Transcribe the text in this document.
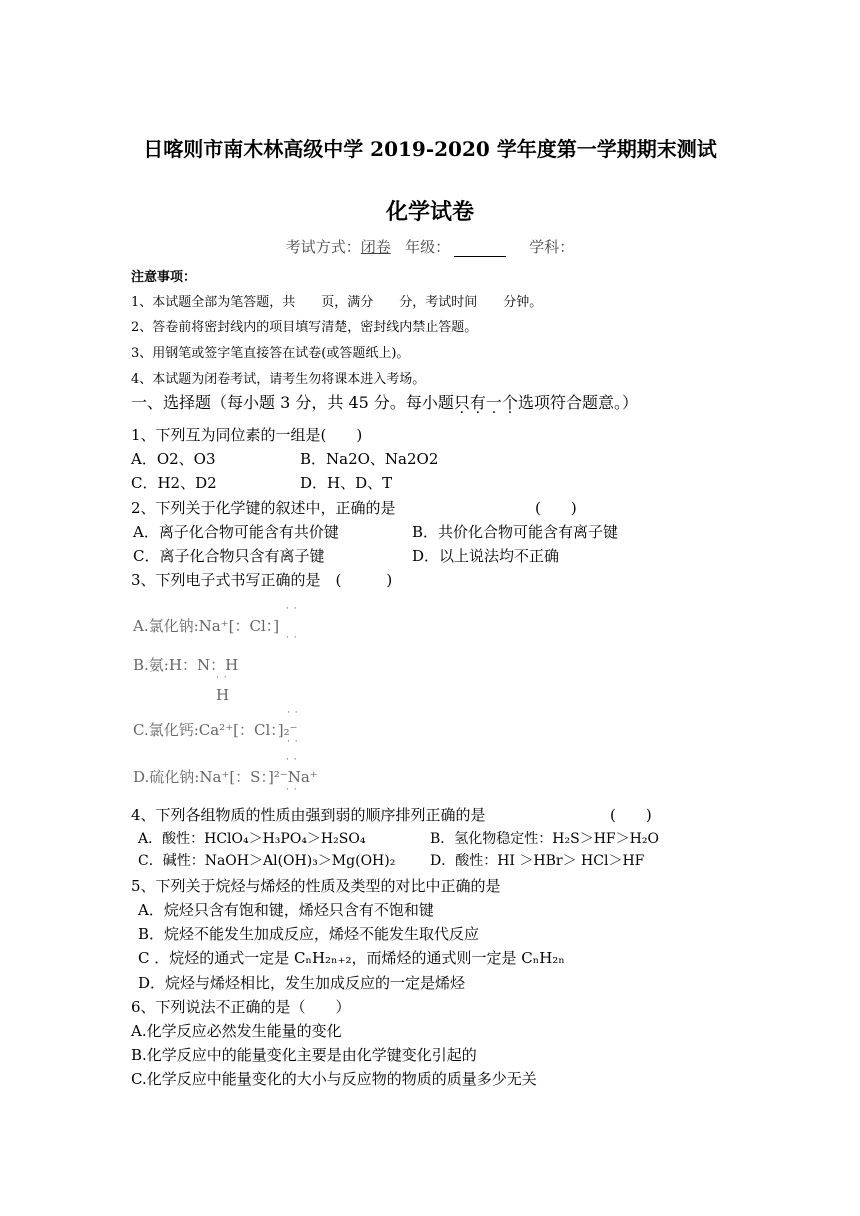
日喀则市南木林高级中学 2019-2020 学年度第一学期期末测试
化学试卷
考试方式：闭卷 年级：	学科：
注意事项：
1、本试题全部为笔答题，共　　页，满分　　分，考试时间　　分钟。
2、答卷前将密封线内的项目填写清楚，密封线内禁止答题。
3、用钢笔或签字笔直接答在试卷(或答题纸上)。
4、本试题为闭卷考试，请考生勿将课本进入考场。
一、选择题（每小题 3 分，共 45 分。每小题只有一个选项符合题意。）
1、下列互为同位素的一组是(　　)
A．O2、O3	B．Na2O、Na2O2
C．H2、D2	D．H、D、T
2、下列关于化学键的叙述中，正确的是	(　　)
A．离子化合物可能含有共价键	B．共价化合物可能含有离子键
C．离子化合物只含有离子键	D．以上说法均不正确
3、下列电子式书写正确的是　(　　　)
· ·
A.氯化钠:Na⁺[：Cl：]
· ·
B.氨:H：N：H
· ·
H
· ·
C.氯化钙:Ca²⁺[：Cl：]₂⁻
· ·
· ·
D.硫化钠:Na⁺[：S：]²⁻Na⁺
· ·
4、下列各组物质的性质由强到弱的顺序排列正确的是	(　　)
A．酸性：HClO₄＞H₃PO₄＞H₂SO₄	B．氢化物稳定性：H₂S＞HF＞H₂O
C．碱性：NaOH＞Al(OH)₃＞Mg(OH)₂ D．酸性：HI ＞HBr＞ HCl＞HF
5、下列关于烷烃与烯烃的性质及类型的对比中正确的是
A．烷烃只含有饱和键，烯烃只含有不饱和键
B．烷烃不能发生加成反应，烯烃不能发生取代反应
C ．烷烃的通式一定是 CₙH₂ₙ₊₂，而烯烃的通式则一定是 CₙH₂ₙ
D．烷烃与烯烃相比，发生加成反应的一定是烯烃
6、下列说法不正确的是（　　）
A.化学反应必然发生能量的变化
B.化学反应中的能量变化主要是由化学键变化引起的
C.化学反应中能量变化的大小与反应物的物质的质量多少无关
